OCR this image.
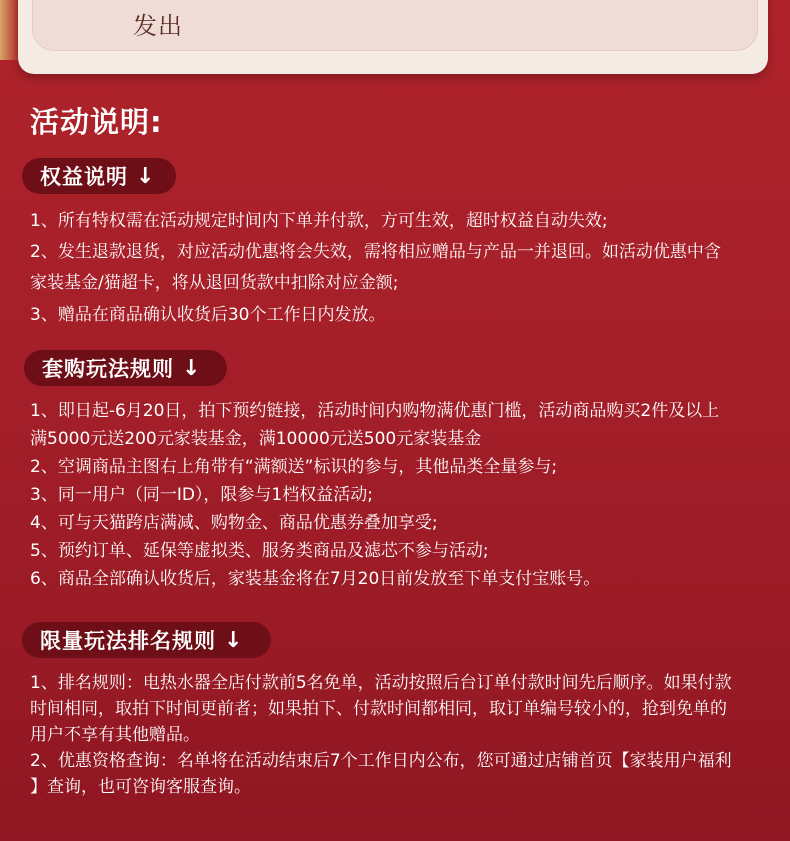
发出
活动说明:
权益说明 ↓
1、所有特权需在活动规定时间内下单并付款，方可生效，超时权益自动失效;
2、发生退款退货，对应活动优惠将会失效，需将相应赠品与产品一并退回。如活动优惠中含
家装基金/猫超卡，将从退回货款中扣除对应金额;
3、赠品在商品确认收货后30个工作日内发放。
套购玩法规则 ↓
1、即日起-6月20日，拍下预约链接，活动时间内购物满优惠门槛，活动商品购买2件及以上
满5000元送200元家装基金，满10000元送500元家装基金
2、空调商品主图右上角带有“满额送”标识的参与，其他品类全量参与;
3、同一用户（同一ID），限参与1档权益活动;
4、可与天猫跨店满减、购物金、商品优惠券叠加享受;
5、预约订单、延保等虚拟类、服务类商品及滤芯不参与活动;
6、商品全部确认收货后，家装基金将在7月20日前发放至下单支付宝账号。
限量玩法排名规则 ↓
1、排名规则：电热水器全店付款前5名免单，活动按照后台订单付款时间先后顺序。如果付款
时间相同，取拍下时间更前者；如果拍下、付款时间都相同，取订单编号较小的，抢到免单的
用户不享有其他赠品。
2、优惠资格查询：名单将在活动结束后7个工作日内公布，您可通过店铺首页【家装用户福利
】查询，也可咨询客服查询。
